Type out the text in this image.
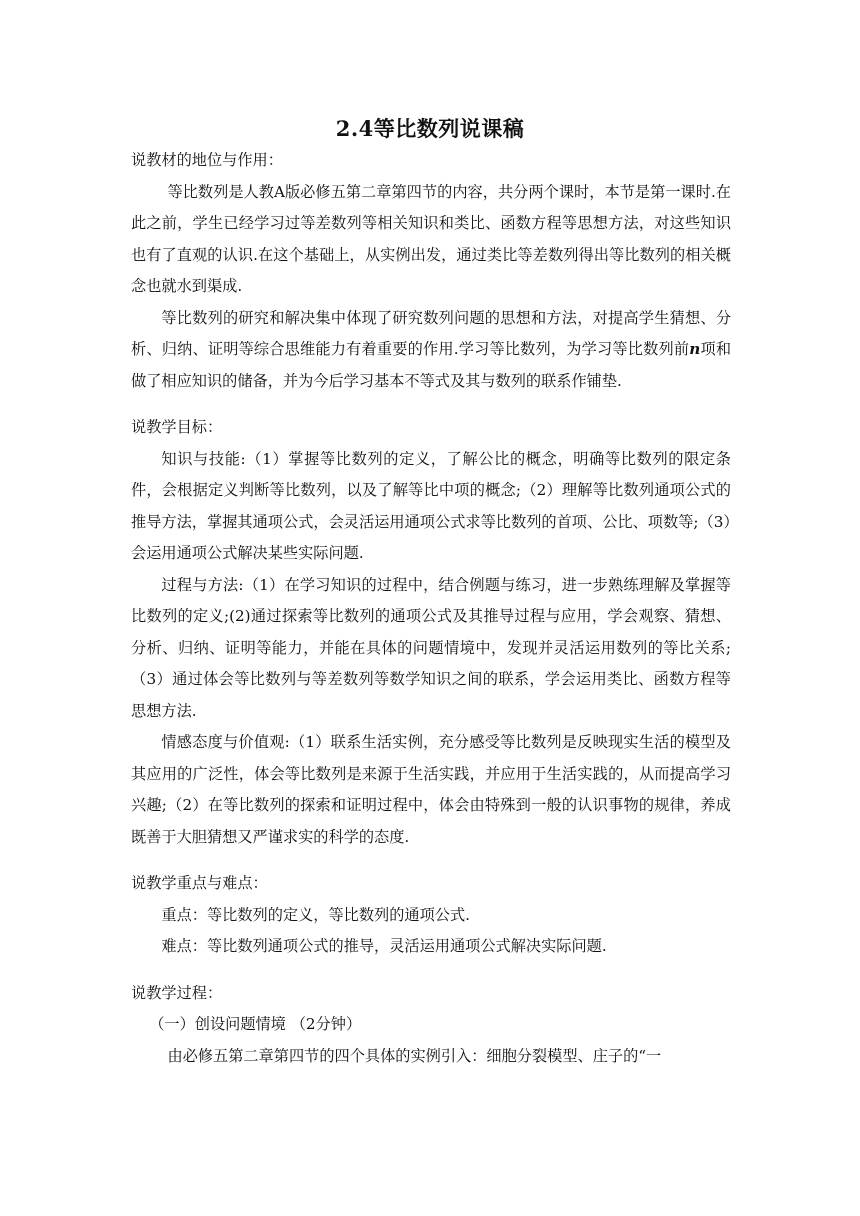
2.4等比数列说课稿

说教材的地位与作用：

等比数列是人教A版必修五第二章第四节的内容，共分两个课时，本节是第一课时.在此之前，学生已经学习过等差数列等相关知识和类比、函数方程等思想方法，对这些知识也有了直观的认识.在这个基础上，从实例出发，通过类比等差数列得出等比数列的相关概念也就水到渠成.

等比数列的研究和解决集中体现了研究数列问题的思想和方法，对提高学生猜想、分析、归纳、证明等综合思维能力有着重要的作用.学习等比数列，为学习等比数列前n项和做了相应知识的储备，并为今后学习基本不等式及其与数列的联系作铺垫.

说教学目标：

知识与技能:（1）掌握等比数列的定义，了解公比的概念，明确等比数列的限定条件，会根据定义判断等比数列，以及了解等比中项的概念;（2）理解等比数列通项公式的推导方法，掌握其通项公式，会灵活运用通项公式求等比数列的首项、公比、项数等;（3）会运用通项公式解决某些实际问题.

过程与方法:（1）在学习知识的过程中，结合例题与练习，进一步熟练理解及掌握等比数列的定义;(2)通过探索等比数列的通项公式及其推导过程与应用，学会观察、猜想、分析、归纳、证明等能力，并能在具体的问题情境中，发现并灵活运用数列的等比关系;（3）通过体会等比数列与等差数列等数学知识之间的联系，学会运用类比、函数方程等思想方法.

情感态度与价值观:（1）联系生活实例，充分感受等比数列是反映现实生活的模型及其应用的广泛性，体会等比数列是来源于生活实践，并应用于生活实践的，从而提高学习兴趣;（2）在等比数列的探索和证明过程中，体会由特殊到一般的认识事物的规律，养成既善于大胆猜想又严谨求实的科学的态度.

说教学重点与难点：

重点：等比数列的定义，等比数列的通项公式.

难点：等比数列通项公式的推导，灵活运用通项公式解决实际问题.

说教学过程：

（一）创设问题情境 （2分钟）

由必修五第二章第四节的四个具体的实例引入：细胞分裂模型、庄子的“一
